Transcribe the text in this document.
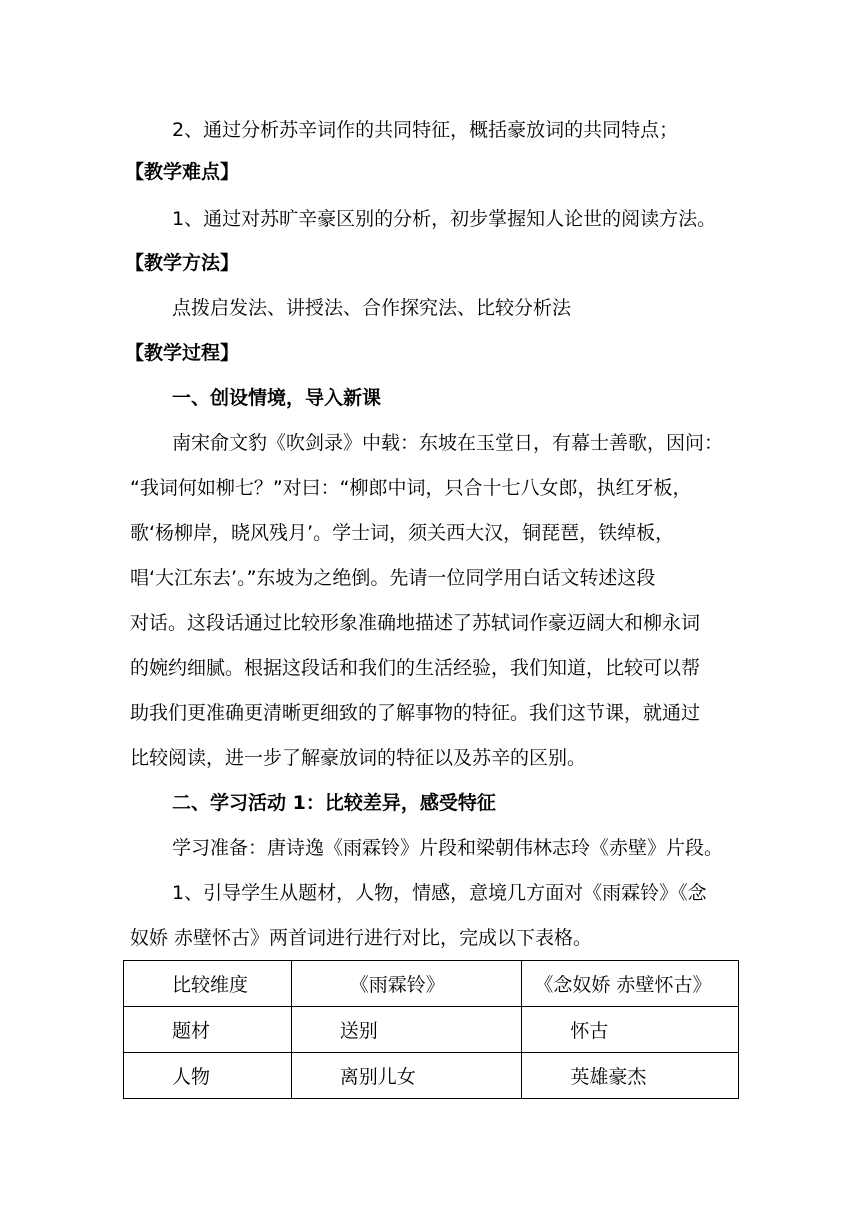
2、通过分析苏辛词作的共同特征，概括豪放词的共同特点；

【教学难点】

1、通过对苏旷辛豪区别的分析，初步掌握知人论世的阅读方法。

【教学方法】

点拨启发法、讲授法、合作探究法、比较分析法

【教学过程】

一、创设情境，导入新课

南宋俞文豹《吹剑录》中载：东坡在玉堂日，有幕士善歌，因问：

“我词何如柳七？”对曰：“柳郎中词，只合十七八女郎，执红牙板，

歌‘杨柳岸，晓风残月’。学士词，须关西大汉，铜琵琶，铁绰板，

唱‘大江东去’。”东坡为之绝倒。先请一位同学用白话文转述这段

对话。这段话通过比较形象准确地描述了苏轼词作豪迈阔大和柳永词

的婉约细腻。根据这段话和我们的生活经验，我们知道，比较可以帮

助我们更准确更清晰更细致的了解事物的特征。我们这节课，就通过

比较阅读，进一步了解豪放词的特征以及苏辛的区别。

二、学习活动 1：比较差异，感受特征

学习准备：唐诗逸《雨霖铃》片段和梁朝伟林志玲《赤壁》片段。

1、引导学生从题材，人物，情感，意境几方面对《雨霖铃》《念

奴娇 赤壁怀古》两首词进行进行对比，完成以下表格。

比较维度	《雨霖铃》	《念奴娇 赤壁怀古》
题材	送别	怀古
人物	离别儿女	英雄豪杰
